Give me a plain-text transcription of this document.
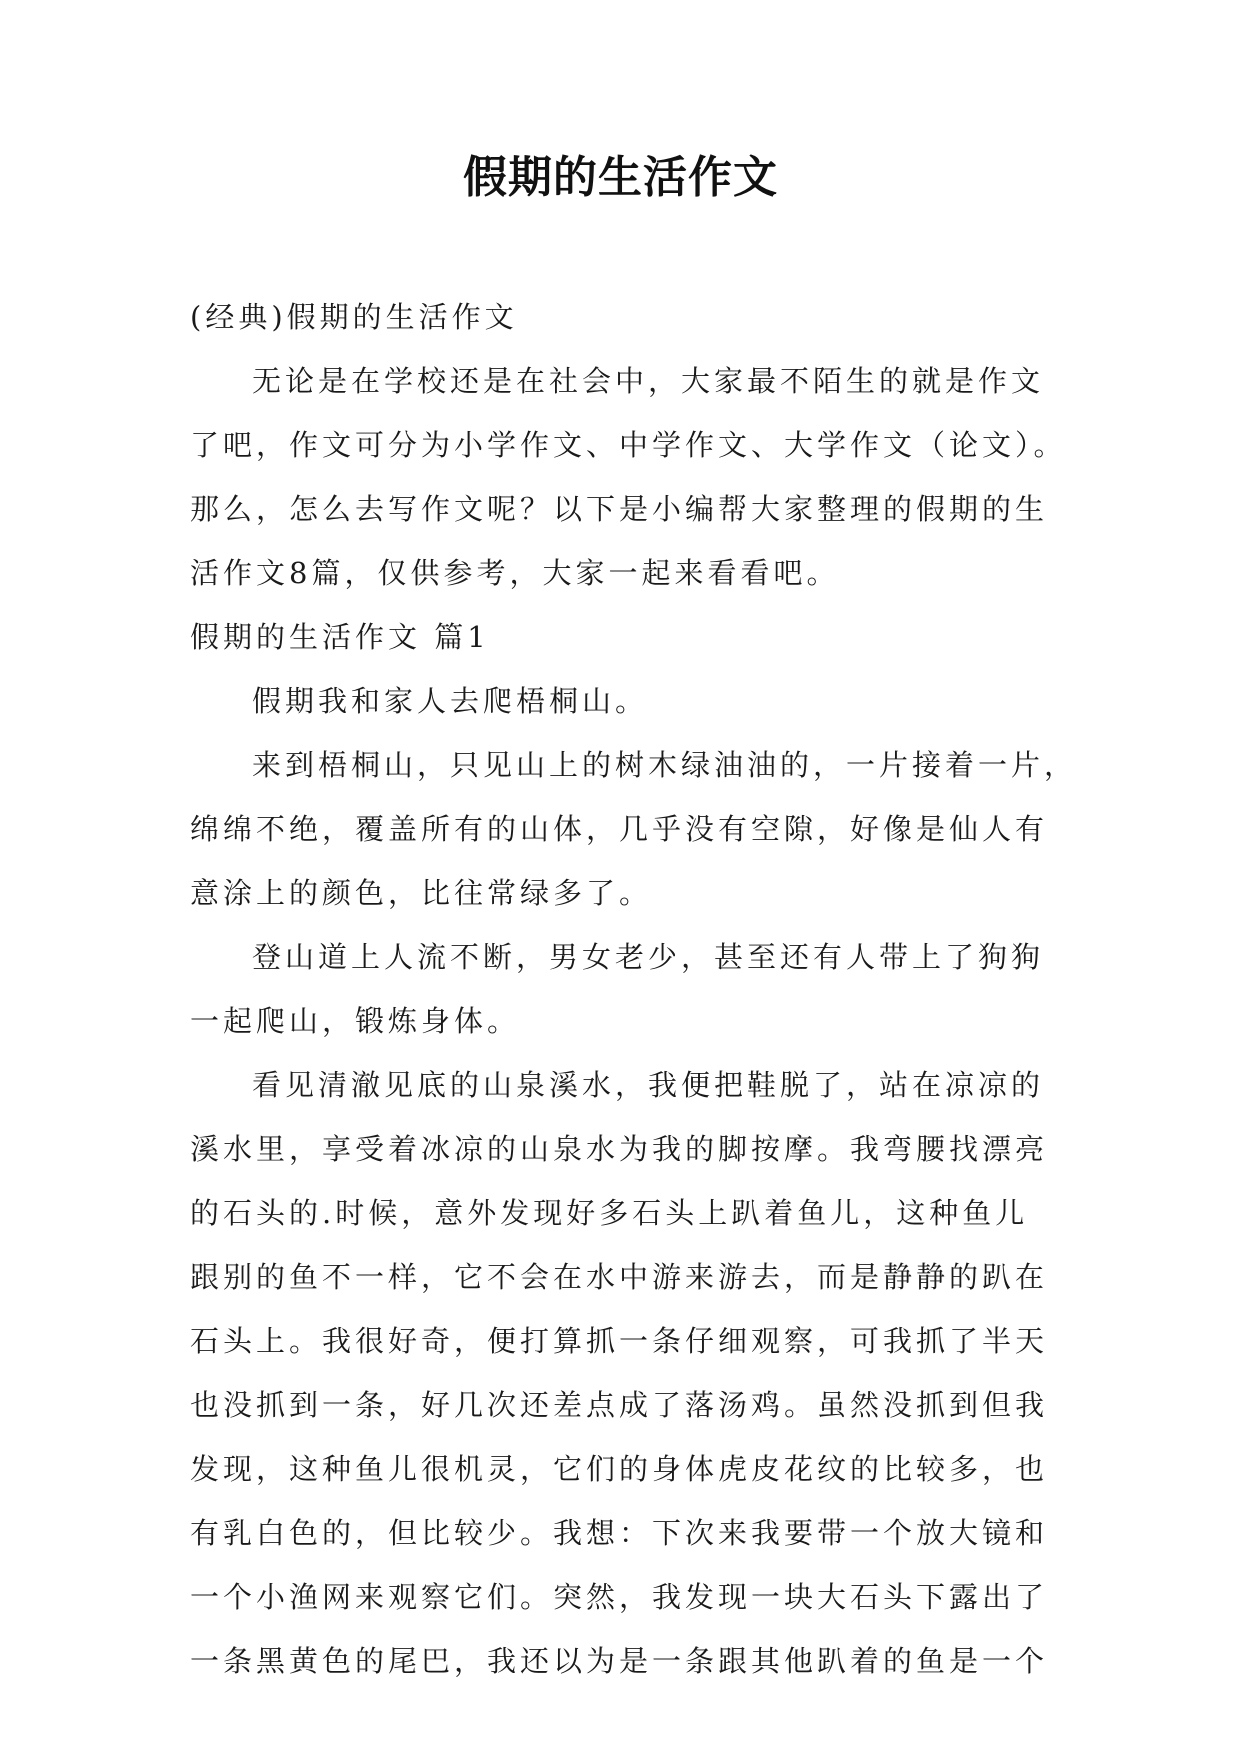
假期的生活作文

(经典)假期的生活作文

无论是在学校还是在社会中，大家最不陌生的就是作文

了吧，作文可分为小学作文、中学作文、大学作文（论文）。

那么，怎么去写作文呢？以下是小编帮大家整理的假期的生

活作文8篇，仅供参考，大家一起来看看吧。

假期的生活作文 篇1

假期我和家人去爬梧桐山。

来到梧桐山，只见山上的树木绿油油的，一片接着一片，

绵绵不绝，覆盖所有的山体，几乎没有空隙，好像是仙人有

意涂上的颜色，比往常绿多了。

登山道上人流不断，男女老少，甚至还有人带上了狗狗

一起爬山，锻炼身体。

看见清澈见底的山泉溪水，我便把鞋脱了，站在凉凉的

溪水里，享受着冰凉的山泉水为我的脚按摩。我弯腰找漂亮

的石头的.时候，意外发现好多石头上趴着鱼儿，这种鱼儿

跟别的鱼不一样，它不会在水中游来游去，而是静静的趴在

石头上。我很好奇，便打算抓一条仔细观察，可我抓了半天

也没抓到一条，好几次还差点成了落汤鸡。虽然没抓到但我

发现，这种鱼儿很机灵，它们的身体虎皮花纹的比较多，也

有乳白色的，但比较少。我想：下次来我要带一个放大镜和

一个小渔网来观察它们。突然，我发现一块大石头下露出了

一条黑黄色的尾巴，我还以为是一条跟其他趴着的鱼是一个
